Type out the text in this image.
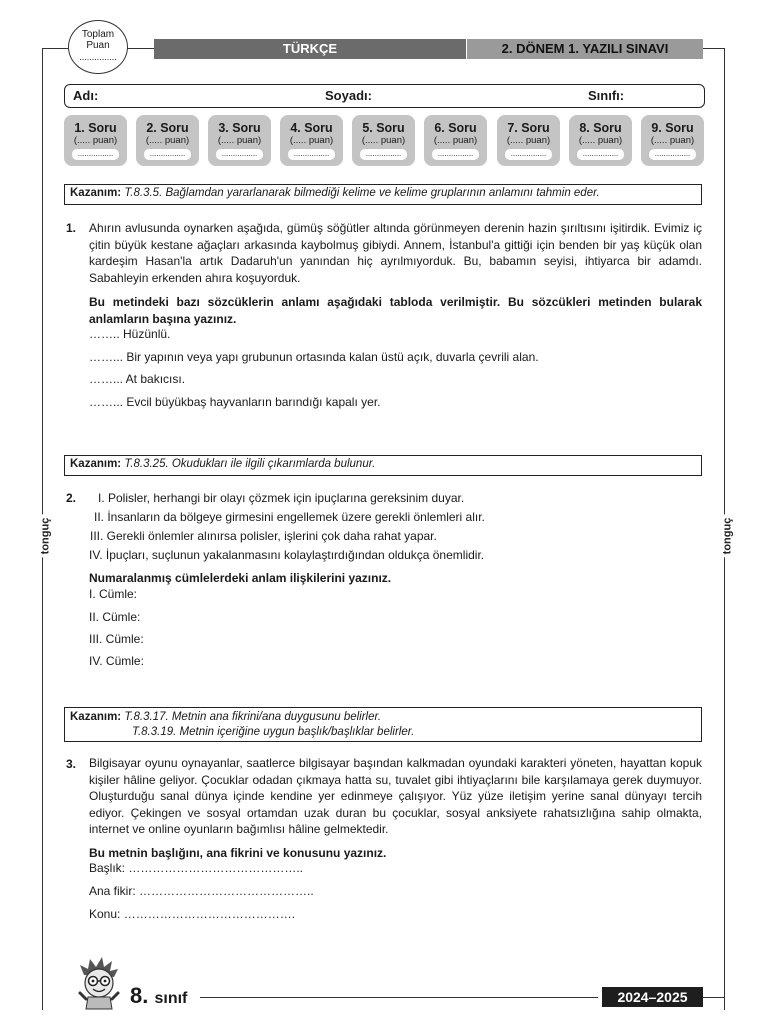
tonguç	tonguç
Toplam
Puan
...............
TÜRKÇE	2. DÖNEM 1. YAZILI SINAVI
Adı:	Soyadı:	Sınıfı:
1. Soru
(..... puan)
................
2. Soru
(..... puan)
................
3. Soru
(..... puan)
................
4. Soru
(..... puan)
................
5. Soru
(..... puan)
................
6. Soru
(..... puan)
................
7. Soru
(..... puan)
................
8. Soru
(..... puan)
................
9. Soru
(..... puan)
................
Kazanım: T.8.3.5. Bağlamdan yararlanarak bilmediği kelime ve kelime gruplarının anlamını tahmin eder.
1. Ahırın avlusunda oynarken aşağıda, gümüş söğütler altında görünmeyen derenin hazin şırıltısını işitirdik. Evimiz iç çitin büyük kestane ağaçları arkasında kaybolmuş gibiydi. Annem, İstanbul'a gittiği için benden bir yaş küçük olan kardeşim Hasan'la artık Dadaruh'un yanından hiç ayrılmıyorduk. Bu, babamın seyisi, ihtiyarca bir adamdı. Sabahleyin erkenden ahıra koşuyorduk.
Bu metindeki bazı sözcüklerin anlamı aşağıdaki tabloda verilmiştir. Bu sözcükleri metinden bularak anlamların başına yazınız.
…….. Hüzünlü.
……... Bir yapının veya yapı grubunun ortasında kalan üstü açık, duvarla çevrili alan.
……... At bakıcısı.
……... Evcil büyükbaş hayvanların barındığı kapalı yer.
Kazanım: T.8.3.25. Okudukları ile ilgili çıkarımlarda bulunur.
2. I. Polisler, herhangi bir olayı çözmek için ipuçlarına gereksinim duyar.
II. İnsanların da bölgeye girmesini engellemek üzere gerekli önlemleri alır.
III. Gerekli önlemler alınırsa polisler, işlerini çok daha rahat yapar.
IV. İpuçları, suçlunun yakalanmasını kolaylaştırdığından oldukça önemlidir.
Numaralanmış cümlelerdeki anlam ilişkilerini yazınız.
I. Cümle:
II. Cümle:
III. Cümle:
IV. Cümle:
Kazanım: T.8.3.17. Metnin ana fikrini/ana duygusunu belirler.
T.8.3.19. Metnin içeriğine uygun başlık/başlıklar belirler.
3. Bilgisayar oyunu oynayanlar, saatlerce bilgisayar başından kalkmadan oyundaki karakteri yöneten, hayattan kopuk kişiler hâline geliyor. Çocuklar odadan çıkmaya hatta su, tuvalet gibi ihtiyaçlarını bile karşılamaya gerek duymuyor. Oluşturduğu sanal dünya içinde kendine yer edinmeye çalışıyor. Yüz yüze iletişim yerine sanal dünyayı tercih ediyor. Çekingen ve sosyal ortamdan uzak duran bu çocuklar, sosyal anksiyete rahatsızlığına sahip olmakta, internet ve online oyunların bağımlısı hâline gelmektedir.
Bu metnin başlığını, ana fikrini ve konusunu yazınız.
Başlık: ……………………………………..
Ana fikir: ……………………………………..
Konu: …………………………………….
8. sınıf	2024–2025
